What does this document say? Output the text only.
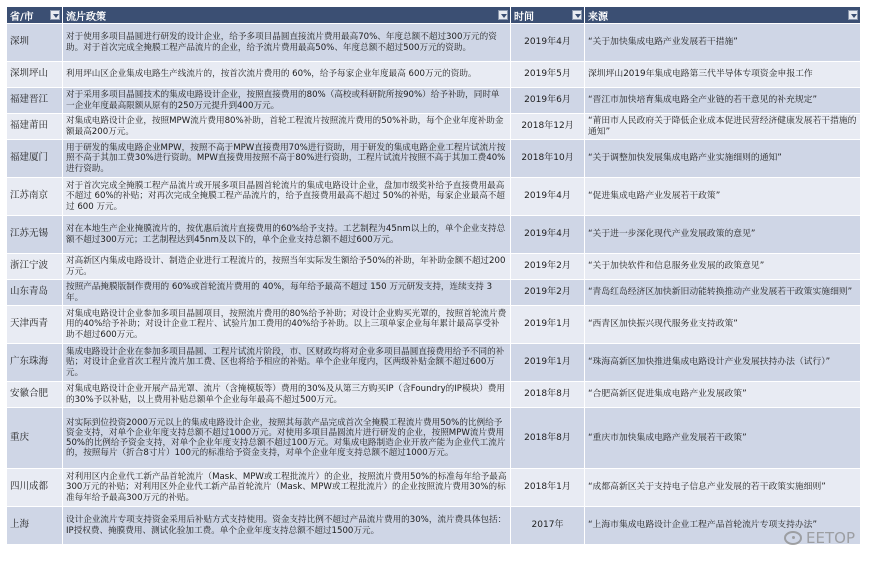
省/市	流片政策	时间	来源

深圳	对于使用多项目晶圆进行研发的设计企业，给予多项目晶圆直接流片费用最高70%、年度总额不超过300万元的资助。对于首次完成全掩膜工程产品流片的企业，给予流片费用最高50%、年度总额不超过500万元的资助。	2019年4月	“关于加快集成电路产业发展若干措施”
深圳坪山	利用坪山区企业集成电路生产线流片的，按首次流片费用的 60%，给予每家企业年度最高 600万元的资助。	2019年5月	深圳坪山2019年集成电路第三代半导体专项资金申报工作
福建晋江	对于采用多项目晶圆技术的集成电路设计企业，按照直接费用的80%（高校或科研院所按90%）给予补助，同时单一企业年度最高限额从原有的250万元提升到400万元。	2019年6月	“晋江市加快培育集成电路全产业链的若干意见的补充规定”
福建莆田	对集成电路设计企业，按照MPW流片费用80%补助，首轮工程流片按照流片费用的50%补助，每个企业年度补助金额最高200万元。	2018年12月	“莆田市人民政府关于降低企业成本促进民营经济健康发展若干措施的通知”
福建厦门	用于研发的集成电路企业MPW，按照不高于MPW直接费用70%进行资助，用于研发的集成电路企业工程片试流片按照不高于其加工费30%进行资助。MPW直接费用按照不高于80%进行资助，工程片试流片按照不高于其加工费40%进行资助。	2018年10月	“关于调整加快发展集成电路产业实施细则的通知”
江苏南京	对于首次完成全掩膜工程产品流片或开展多项目晶圆首轮流片的集成电路设计企业，盘加市级奖补给予直接费用最高不超过 60%的补贴；对再次完成全掩膜工程产品流片的，给予直接费用最高不超过 50%的补贴，每家企业最高不超过 600 万元。	2019年4月	“促进集成电路产业发展若干政策”
江苏无锡	对在本地生产企业掩膜流片的，按优惠后流片直接费用的60%给予支持。工艺制程为45nm以上的，单个企业支持总额不超过300万元；工艺制程达到45nm及以下的，单个企业支持总额不超过600万元。	2019年4月	“关于进一步深化现代产业发展政策的意见”
浙江宁波	对高新区内集成电路设计、制造企业进行工程流片的，按照当年实际发生额给予50%的补助，年补助金额不超过200万元。	2019年2月	“关于加快软件和信息服务业发展的政策意见”
山东青岛	按照产品掩膜版制作费用的 60%或首轮流片费用的 40%，每年给予最高不超过 150 万元研发支持，连续支持 3 年。	2019年2月	“青岛红岛经济区加快新旧动能转换推动产业发展若干政策实施细则”
天津西青	对集成电路设计企业参加多项目晶圆项目，按照流片费用的80%给予补助；对设计企业购买光罩的，按照首轮流片费用的40%给予补助；对设计企业工程片、试验片加工费用的40%给予补助。以上三项单家企业每年累计最高享受补助不超过600万元。	2019年1月	“西青区加快振兴现代服务业支持政策”
广东珠海	集成电路设计企业在参加多项目晶圆、工程片试流片阶段，市、区财政均将对企业多项目晶圆直接费用给予不同的补贴；对设计企业首次工程片流片加工费、区也将给予相应的补贴。单个企业年度内，区两级补贴金额不超过600万元。	2019年1月	“珠海高新区加快推进集成电路设计产业发展扶持办法（试行）”
安徽合肥	对集成电路设计企业开展产品光罩、流片（含掩模版等）费用的30%及从第三方购买IP（含Foundry的IP模块）费用的30%予以补贴，以上费用补贴总额单个企业每年最高不超过500万元。	2018年8月	“合肥高新区促进集成电路产业发展政策”
重庆	对实际到位投资2000万元以上的集成电路设计企业，按照其每款产品完成首次全掩膜工程流片费用50%的比例给予资金支持，对单个企业年度支持总额不超过1000万元。对使用多项目晶圆流片进行研发的企业，按照MPW流片费用50%的比例给予资金支持，对单个企业年度支持总额不超过100万元。对集成电路制造企业开放产能为企业代工流片的，按照每片（折合8寸片）100元的标准给予资金支持，对单个企业年度支持总额不超过1000万元。	2018年8月	“重庆市加快集成电路产业发展若干政策”
四川成都	对利用区内企业代工新产品首轮流片（Mask、MPW或工程批流片）的企业，按照流片费用50%的标准每年给予最高300万元的补贴；对利用区外企业代工新产品首轮流片（Mask、MPW或工程批流片）的企业按照流片费用30%的标准每年给予最高300万元的补贴。	2018年1月	“成都高新区关于支持电子信息产业发展的若干政策实施细则”
上海	设计企业流片专项支持资金采用后补贴方式支持使用。资金支持比例不超过产品流片费用的30%，流片费具体包括：IP授权费、掩膜费用、测试化验加工费。单个企业年度支持总额不超过1500万元。	2017年	“上海市集成电路设计企业工程产品首轮流片专项支持办法”
EETOP
